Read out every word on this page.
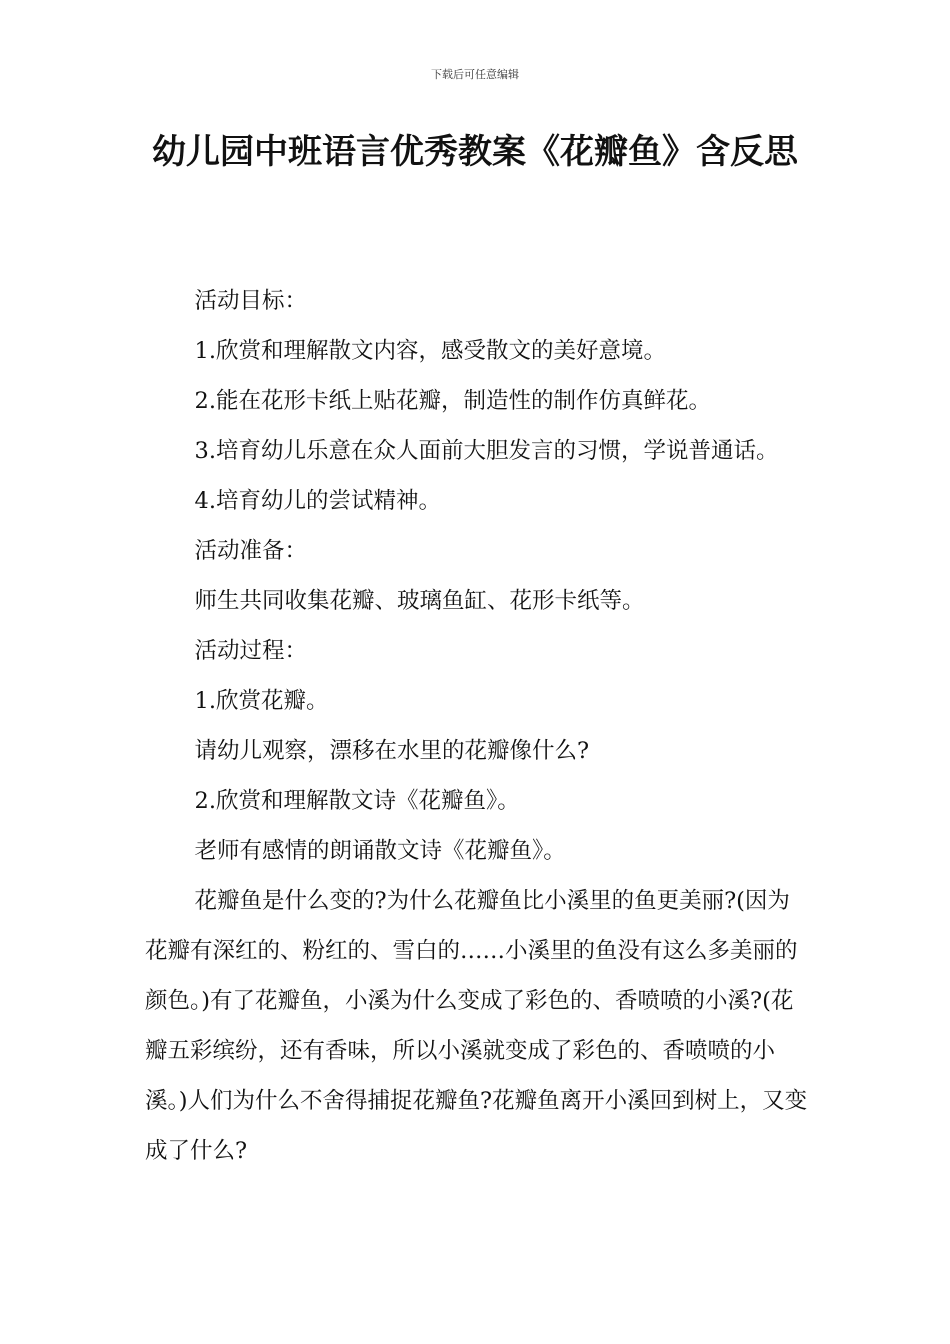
下载后可任意编辑
幼儿园中班语言优秀教案《花瓣鱼》含反思

活动目标：

1.欣赏和理解散文内容，感受散文的美好意境。

2.能在花形卡纸上贴花瓣，制造性的制作仿真鲜花。

3.培育幼儿乐意在众人面前大胆发言的习惯，学说普通话。

4.培育幼儿的尝试精神。

活动准备：

师生共同收集花瓣、玻璃鱼缸、花形卡纸等。

活动过程：

1.欣赏花瓣。

请幼儿观察，漂移在水里的花瓣像什么?

2.欣赏和理解散文诗《花瓣鱼》。

老师有感情的朗诵散文诗《花瓣鱼》。

花瓣鱼是什么变的?为什么花瓣鱼比小溪里的鱼更美丽?(因为花瓣有深红的、粉红的、雪白的……小溪里的鱼没有这么多美丽的颜色。)有了花瓣鱼，小溪为什么变成了彩色的、香喷喷的小溪?(花瓣五彩缤纷，还有香味，所以小溪就变成了彩色的、香喷喷的小溪。)人们为什么不舍得捕捉花瓣鱼?花瓣鱼离开小溪回到树上，又变成了什么?
